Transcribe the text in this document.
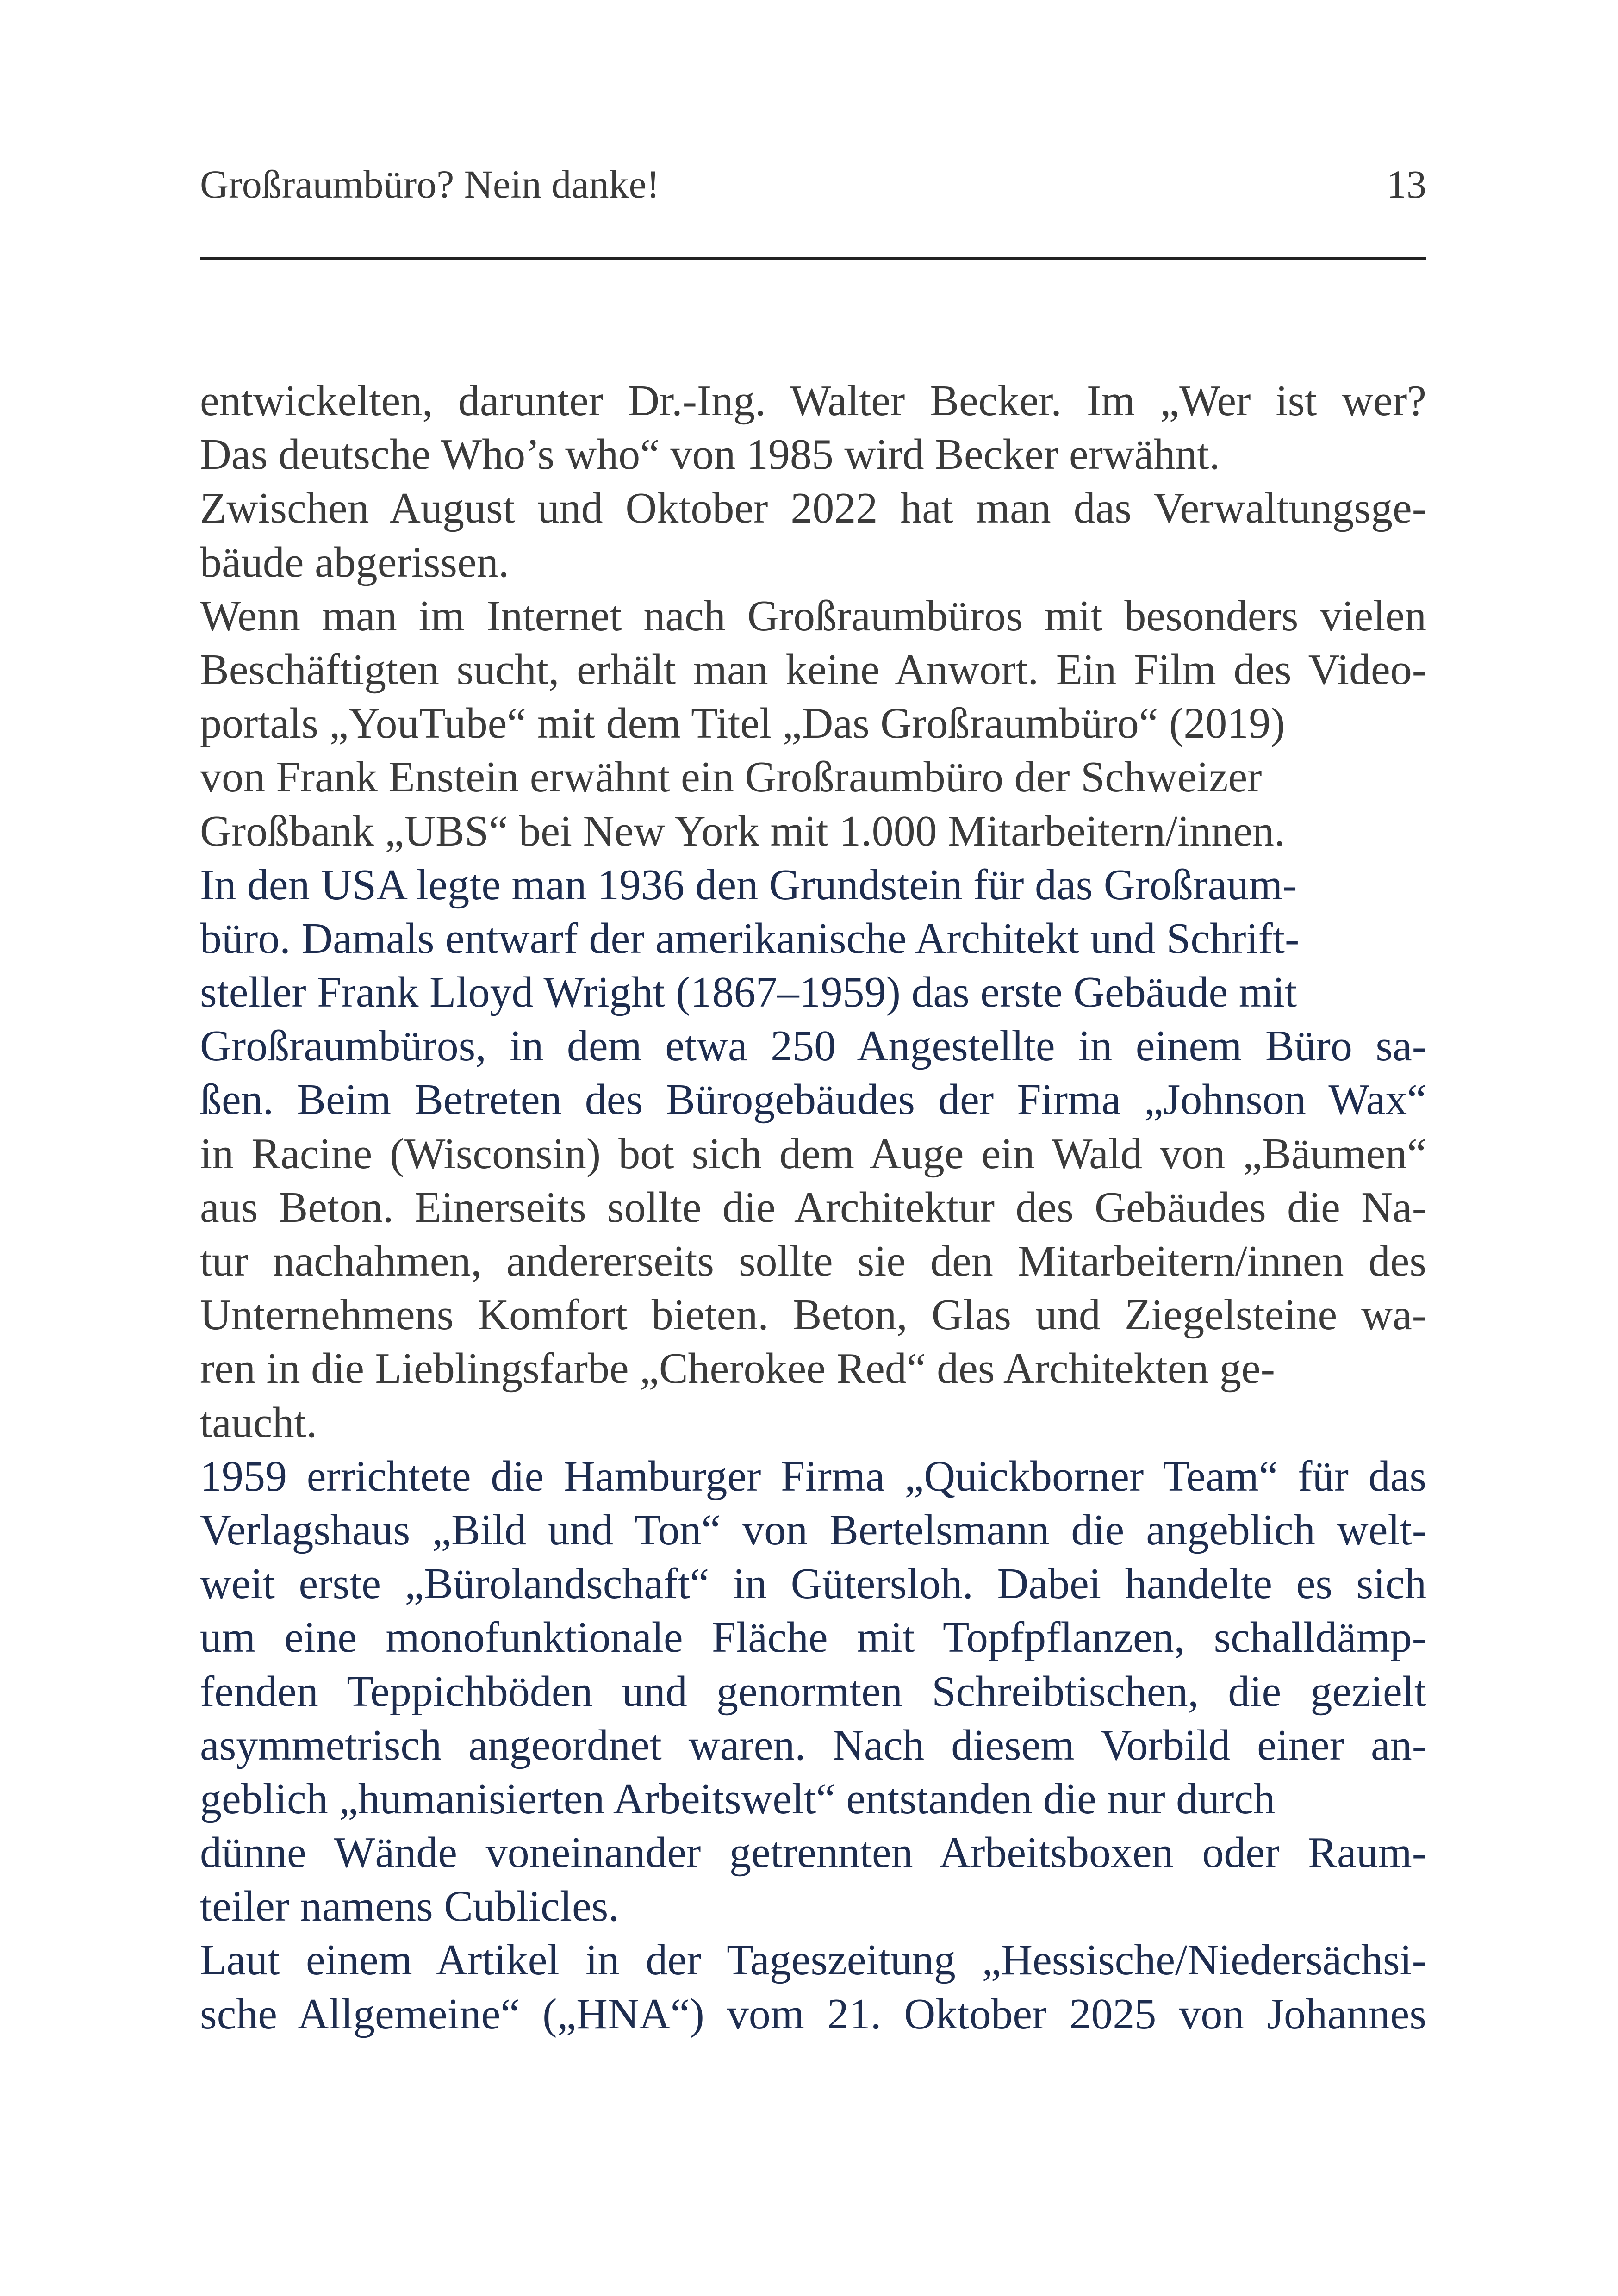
Großraumbüro? Nein danke!	13
entwickelten, darunter Dr.-Ing. Walter Becker. Im „Wer ist wer?
Das deutsche Who’s who“ von 1985 wird Becker erwähnt.
Zwischen August und Oktober 2022 hat man das Verwaltungsge-
bäude abgerissen.
Wenn man im Internet nach Großraumbüros mit besonders vielen
Beschäftigten sucht, erhält man keine Anwort. Ein Film des Video-
portals „YouTube“ mit dem Titel „Das Großraumbüro“ (2019)
von Frank Enstein erwähnt ein Großraumbüro der Schweizer
Großbank „UBS“ bei New York mit 1.000 Mitarbeitern/innen.
In den USA legte man 1936 den Grundstein für das Großraum-
büro. Damals entwarf der amerikanische Architekt und Schrift-
steller Frank Lloyd Wright (1867–1959) das erste Gebäude mit
Großraumbüros, in dem etwa 250 Angestellte in einem Büro sa-
ßen. Beim Betreten des Bürogebäudes der Firma „Johnson Wax“
in Racine (Wisconsin) bot sich dem Auge ein Wald von „Bäumen“
aus Beton. Einerseits sollte die Architektur des Gebäudes die Na-
tur nachahmen, andererseits sollte sie den Mitarbeitern/innen des
Unternehmens Komfort bieten. Beton, Glas und Ziegelsteine wa-
ren in die Lieblingsfarbe „Cherokee Red“ des Architekten ge-
taucht.
1959 errichtete die Hamburger Firma „Quickborner Team“ für das
Verlagshaus „Bild und Ton“ von Bertelsmann die angeblich welt-
weit erste „Bürolandschaft“ in Gütersloh. Dabei handelte es sich
um eine monofunktionale Fläche mit Topfpflanzen, schalldämp-
fenden Teppichböden und genormten Schreibtischen, die gezielt
asymmetrisch angeordnet waren. Nach diesem Vorbild einer an-
geblich „humanisierten Arbeitswelt“ entstanden die nur durch
dünne Wände voneinander getrennten Arbeitsboxen oder Raum-
teiler namens Cublicles.
Laut einem Artikel in der Tageszeitung „Hessische/Niedersächsi-
sche Allgemeine“ („HNA“) vom 21. Oktober 2025 von Johannes
